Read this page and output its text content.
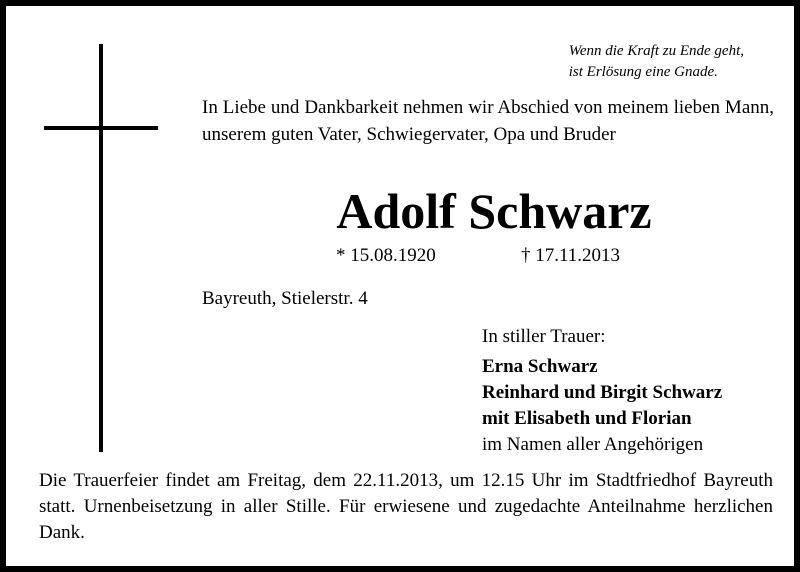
Wenn die Kraft zu Ende geht,
ist Erlösung eine Gnade.
In Liebe und Dankbarkeit nehmen wir Abschied von meinem lieben Mann, unserem guten Vater, Schwiegervater, Opa und Bruder
Adolf Schwarz
* 15.08.1920	† 17.11.2013
Bayreuth, Stielerstr. 4
In stiller Trauer:
Erna Schwarz
Reinhard und Birgit Schwarz
mit Elisabeth und Florian
im Namen aller Angehörigen
Die Trauerfeier findet am Freitag, dem 22.11.2013, um 12.15 Uhr im Stadtfriedhof Bayreuth statt. Urnenbeisetzung in aller Stille. Für erwiesene und zugedachte Anteilnahme herzlichen Dank.
